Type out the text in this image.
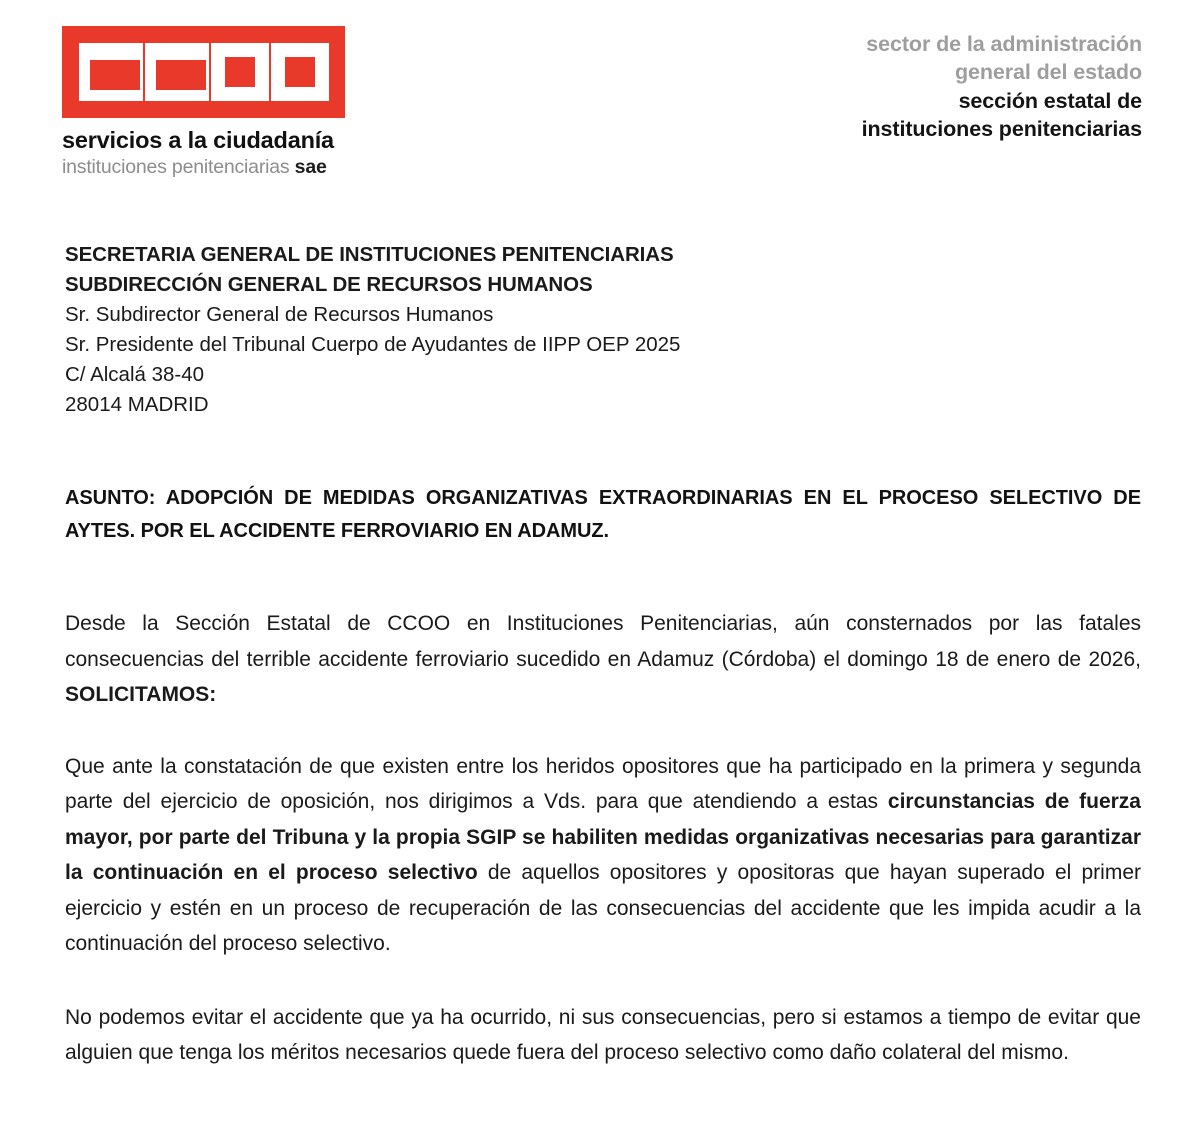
servicios a la ciudadanía
instituciones penitenciarias sae
sector de la administración
general del estado
sección estatal de
instituciones penitenciarias
SECRETARIA GENERAL DE INSTITUCIONES PENITENCIARIAS
SUBDIRECCIÓN GENERAL DE RECURSOS HUMANOS
Sr. Subdirector General de Recursos Humanos
Sr. Presidente del Tribunal Cuerpo de Ayudantes de IIPP OEP 2025
C/ Alcalá 38-40
28014 MADRID
ASUNTO: ADOPCIÓN DE MEDIDAS ORGANIZATIVAS EXTRAORDINARIAS EN EL PROCESO SELECTIVO DE AYTES. POR EL ACCIDENTE FERROVIARIO EN ADAMUZ.

Desde la Sección Estatal de CCOO en Instituciones Penitenciarias, aún consternados por las fatales consecuencias del terrible accidente ferroviario sucedido en Adamuz (Córdoba) el domingo 18 de enero de 2026, SOLICITAMOS:

Que ante la constatación de que existen entre los heridos opositores que ha participado en la primera y segunda parte del ejercicio de oposición, nos dirigimos a Vds. para que atendiendo a estas circunstancias de fuerza mayor, por parte del Tribuna y la propia SGIP se habiliten medidas organizativas necesarias para garantizar la continuación en el proceso selectivo de aquellos opositores y opositoras que hayan superado el primer ejercicio y estén en un proceso de recuperación de las consecuencias del accidente que les impida acudir a la continuación del proceso selectivo.

No podemos evitar el accidente que ya ha ocurrido, ni sus consecuencias, pero si estamos a tiempo de evitar que alguien que tenga los méritos necesarios quede fuera del proceso selectivo como daño colateral del mismo.
